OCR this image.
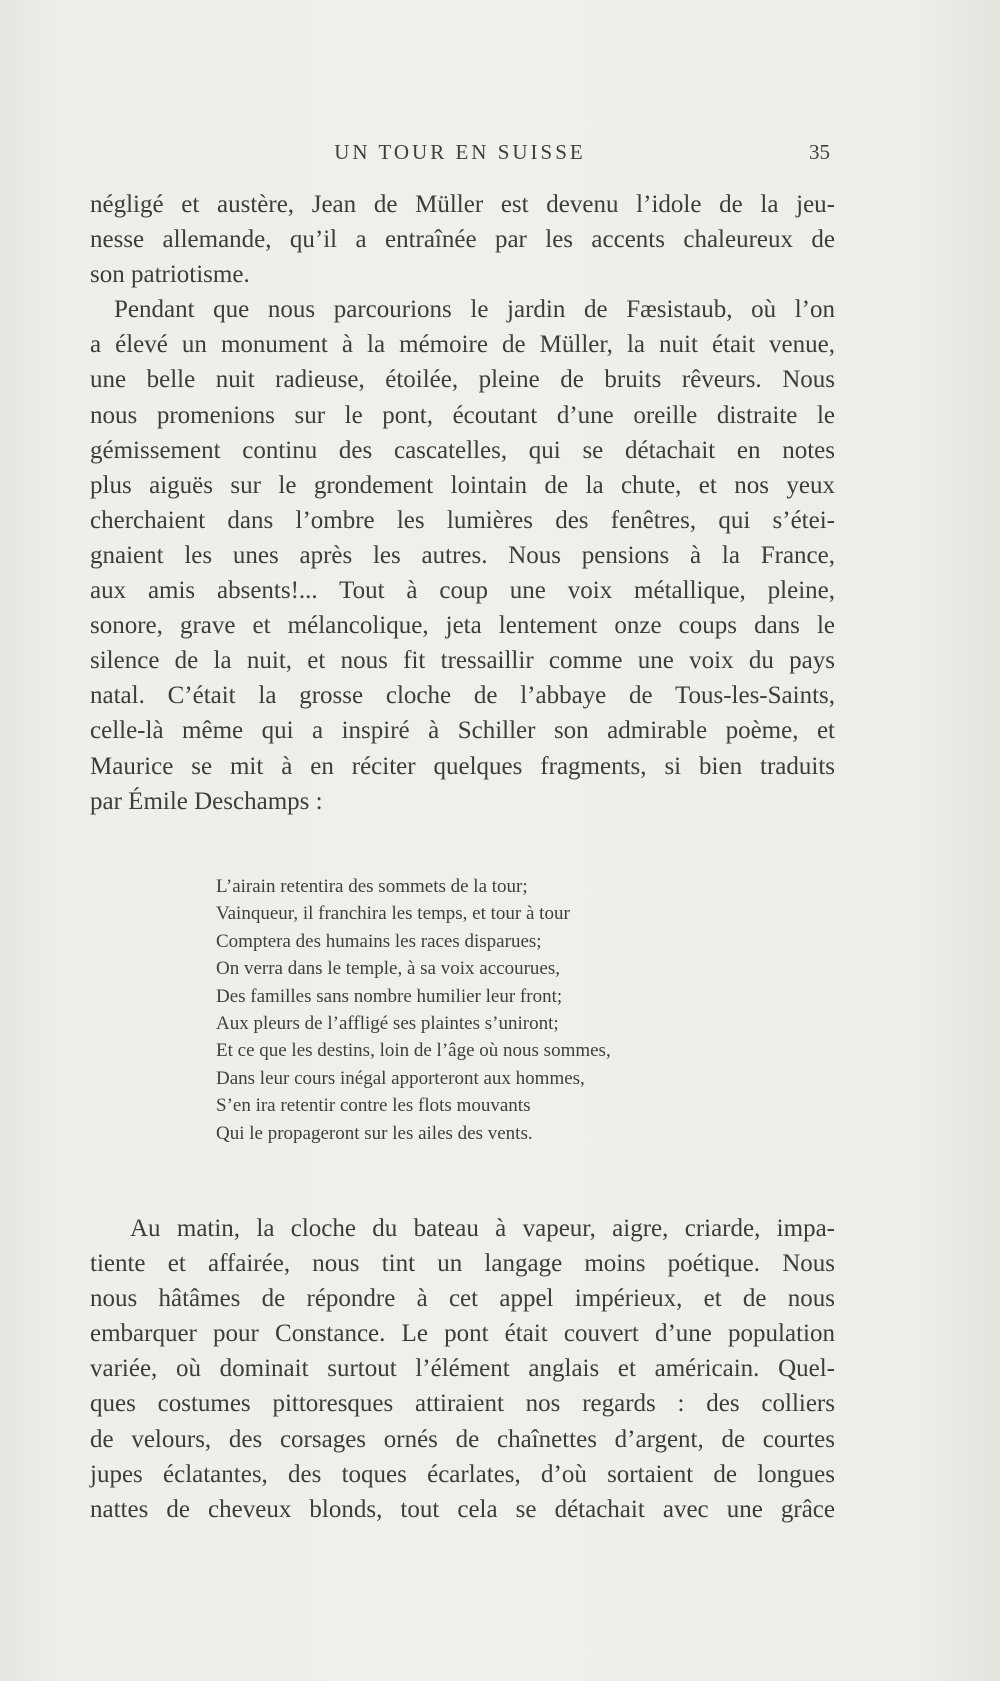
UN TOUR EN SUISSE	35
négligé et austère, Jean de Müller est devenu l’idole de la jeu-
nesse allemande, qu’il a entraînée par les accents chaleureux de
son patriotisme.
Pendant que nous parcourions le jardin de Fæsistaub, où l’on
a élevé un monument à la mémoire de Müller, la nuit était venue,
une belle nuit radieuse, étoilée, pleine de bruits rêveurs. Nous
nous promenions sur le pont, écoutant d’une oreille distraite le
gémissement continu des cascatelles, qui se détachait en notes
plus aiguës sur le grondement lointain de la chute, et nos yeux
cherchaient dans l’ombre les lumières des fenêtres, qui s’étei-
gnaient les unes après les autres. Nous pensions à la France,
aux amis absents!... Tout à coup une voix métallique, pleine,
sonore, grave et mélancolique, jeta lentement onze coups dans le
silence de la nuit, et nous fit tressaillir comme une voix du pays
natal. C’était la grosse cloche de l’abbaye de Tous-les-Saints,
celle-là même qui a inspiré à Schiller son admirable poème, et
Maurice se mit à en réciter quelques fragments, si bien traduits
par Émile Deschamps :
L’airain retentira des sommets de la tour;
Vainqueur, il franchira les temps, et tour à tour
Comptera des humains les races disparues;
On verra dans le temple, à sa voix accourues,
Des familles sans nombre humilier leur front;
Aux pleurs de l’affligé ses plaintes s’uniront;
Et ce que les destins, loin de l’âge où nous sommes,
Dans leur cours inégal apporteront aux hommes,
S’en ira retentir contre les flots mouvants
Qui le propageront sur les ailes des vents.
Au matin, la cloche du bateau à vapeur, aigre, criarde, impa-
tiente et affairée, nous tint un langage moins poétique. Nous
nous hâtâmes de répondre à cet appel impérieux, et de nous
embarquer pour Constance. Le pont était couvert d’une population
variée, où dominait surtout l’élément anglais et américain. Quel-
ques costumes pittoresques attiraient nos regards : des colliers
de velours, des corsages ornés de chaînettes d’argent, de courtes
jupes éclatantes, des toques écarlates, d’où sortaient de longues
nattes de cheveux blonds, tout cela se détachait avec une grâce
